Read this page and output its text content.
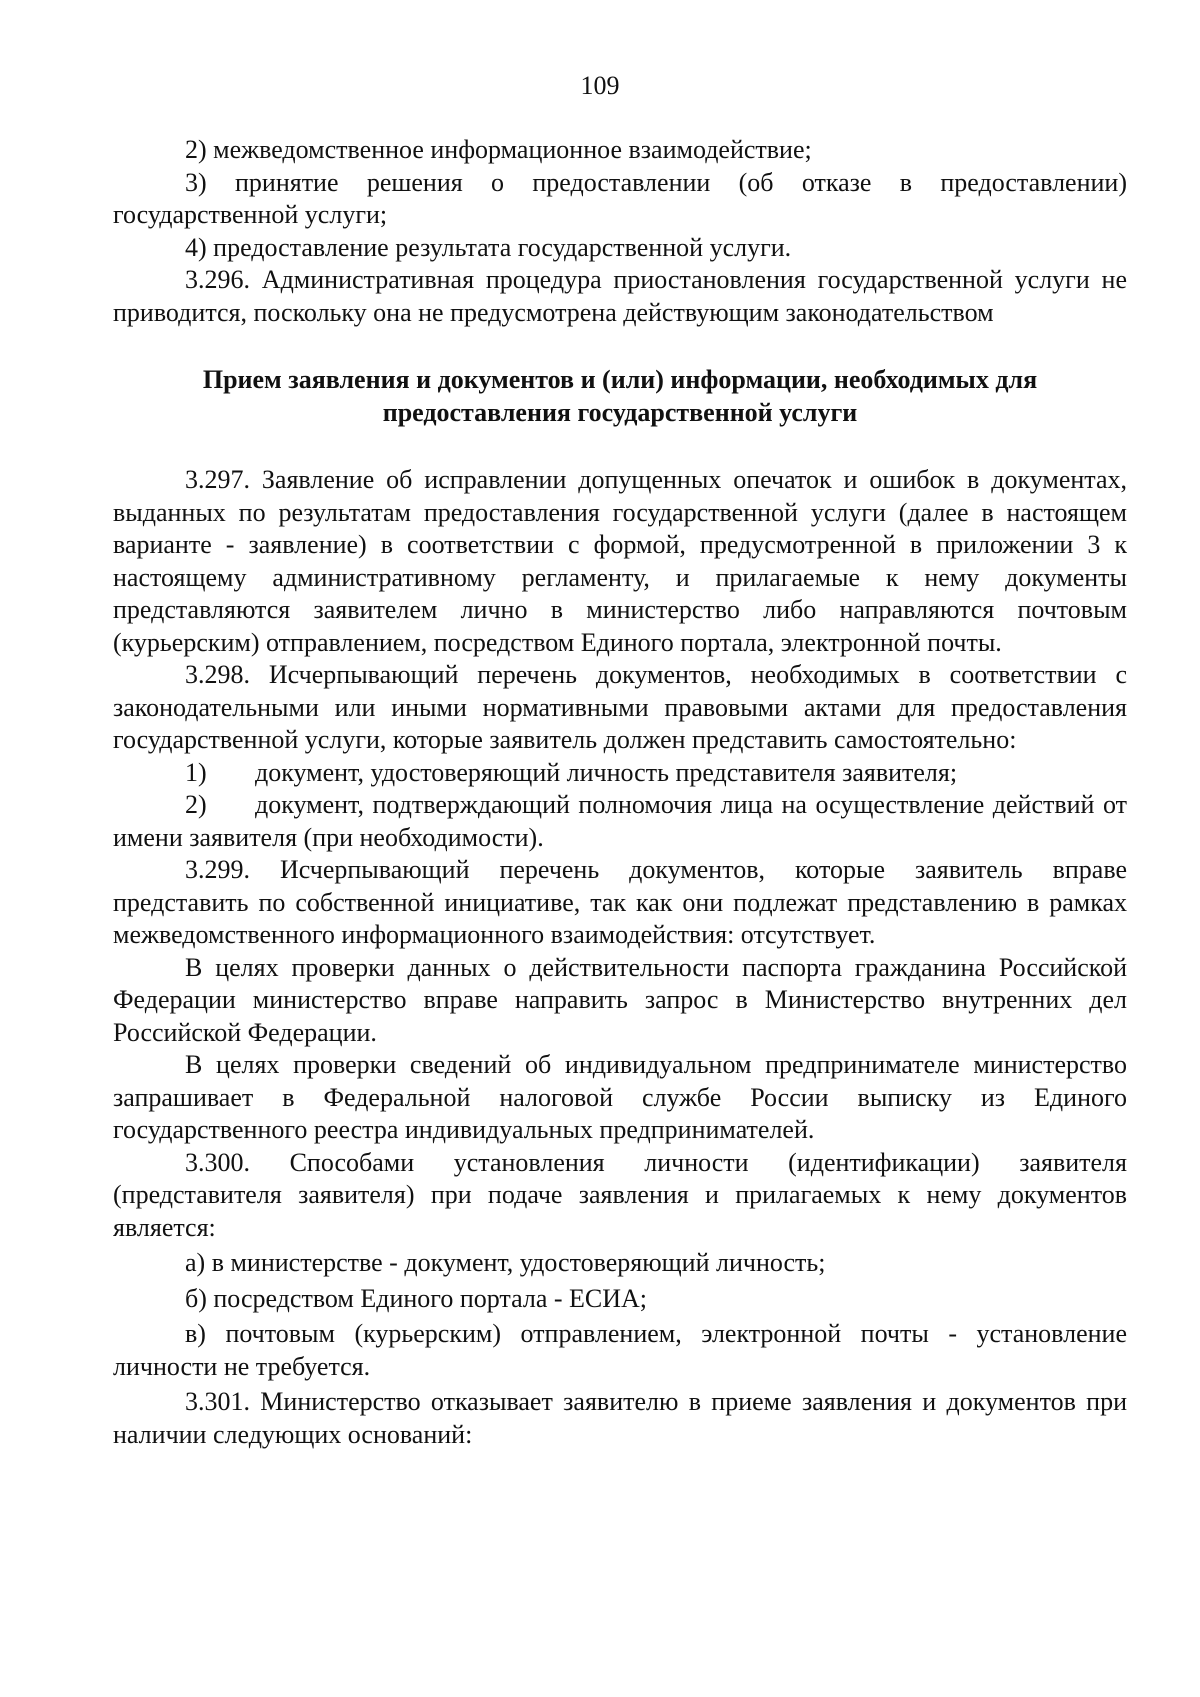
109

2) межведомственное информационное взаимодействие;

3) принятие решения о предоставлении (об отказе в предоставлении) государственной услуги;

4) предоставление результата государственной услуги.

3.296. Административная процедура приостановления государственной услуги не приводится, поскольку она не предусмотрена действующим законодательством

Прием заявления и документов и (или) информации, необходимых для
предоставления государственной услуги

3.297. Заявление об исправлении допущенных опечаток и ошибок в документах, выданных по результатам предоставления государственной услуги (далее в настоящем варианте - заявление) в соответствии с формой, предусмотренной в приложении 3 к настоящему административному регламенту, и прилагаемые к нему документы представляются заявителем лично в министерство либо направляются почтовым (курьерским) отправлением, посредством Единого портала, электронной почты.

3.298. Исчерпывающий перечень документов, необходимых в соответствии с законодательными или иными нормативными правовыми актами для предоставления государственной услуги, которые заявитель должен представить самостоятельно:

1) документ, удостоверяющий личность представителя заявителя;

2) документ, подтверждающий полномочия лица на осуществление действий от имени заявителя (при необходимости).

3.299. Исчерпывающий перечень документов, которые заявитель вправе представить по собственной инициативе, так как они подлежат представлению в рамках межведомственного информационного взаимодействия: отсутствует.

В целях проверки данных о действительности паспорта гражданина Российской Федерации министерство вправе направить запрос в Министерство внутренних дел Российской Федерации.

В целях проверки сведений об индивидуальном предпринимателе министерство запрашивает в Федеральной налоговой службе России выписку из Единого государственного реестра индивидуальных предпринимателей.

3.300. Способами установления личности (идентификации) заявителя (представителя заявителя) при подаче заявления и прилагаемых к нему документов является:

а) в министерстве - документ, удостоверяющий личность;

б) посредством Единого портала - ЕСИА;

в) почтовым (курьерским) отправлением, электронной почты - установление личности не требуется.

3.301. Министерство отказывает заявителю в приеме заявления и документов при наличии следующих оснований:
